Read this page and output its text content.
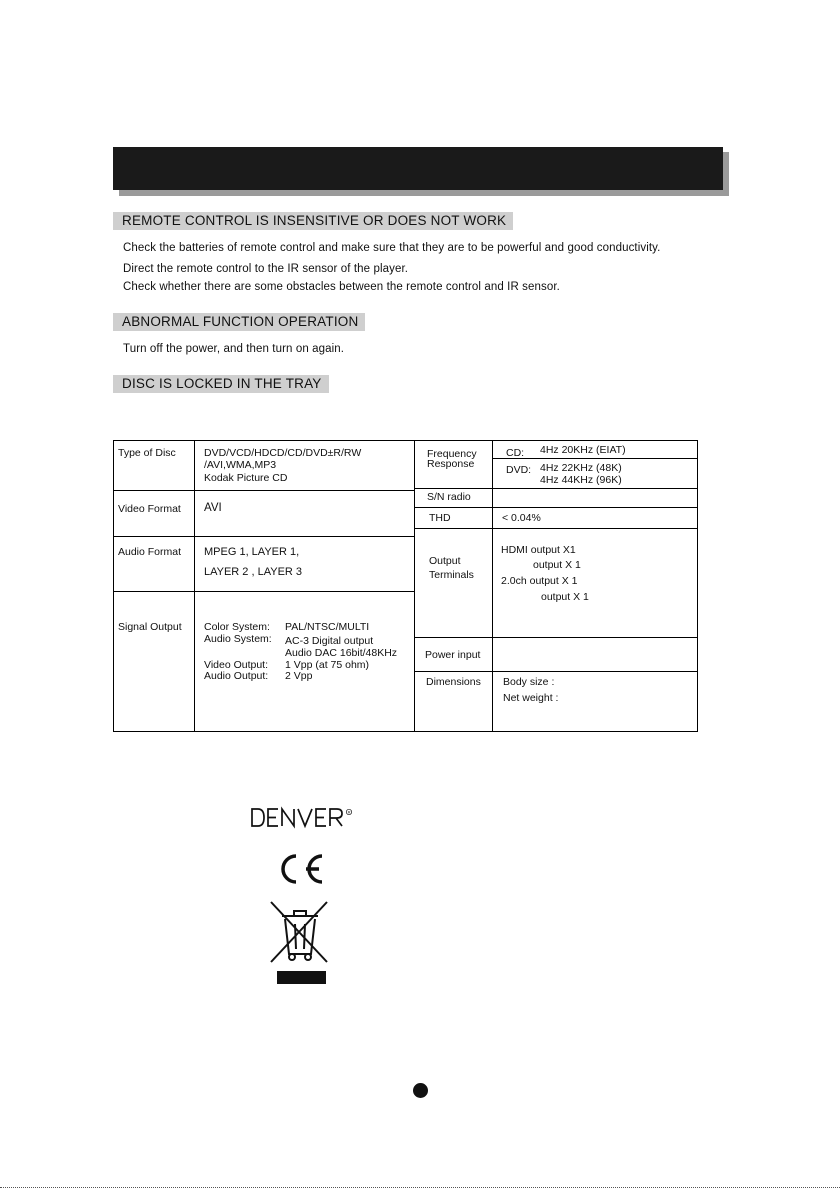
REMOTE CONTROL IS INSENSITIVE OR DOES NOT WORK
Check the batteries of remote control and make sure that they are to be powerful and good conductivity.
Direct the remote control to the IR sensor of the player.
Check whether there are some obstacles between the remote control and IR sensor.
ABNORMAL FUNCTION OPERATION
Turn off the power, and then turn on again.
DISC IS LOCKED IN THE TRAY
Type of Disc	DVD/VCD/HDCD/CD/DVD±R/RW
/AVI,WMA,MP3
Kodak Picture CD
Video Format AVI
Audio Format MPEG 1, LAYER 1,
LAYER 2 , LAYER 3
Signal Output Color System: PAL/NTSC/MULTI
Audio System: AC-3 Digital output
Audio DAC 16bit/48KHz
Video Output: 1 Vpp (at 75 ohm)
Audio Output: 2 Vpp
Frequency
Response
CD: 4Hz 20KHz (EIAT)
DVD: 4Hz 22KHz (48K)
4Hz 44KHz (96K)
S/N radio
THD	< 0.04%
Output
Terminals
HDMI output X1
output X 1
2.0ch output X 1
output X 1
Power input
Dimensions Body size :
Net weight :
R
